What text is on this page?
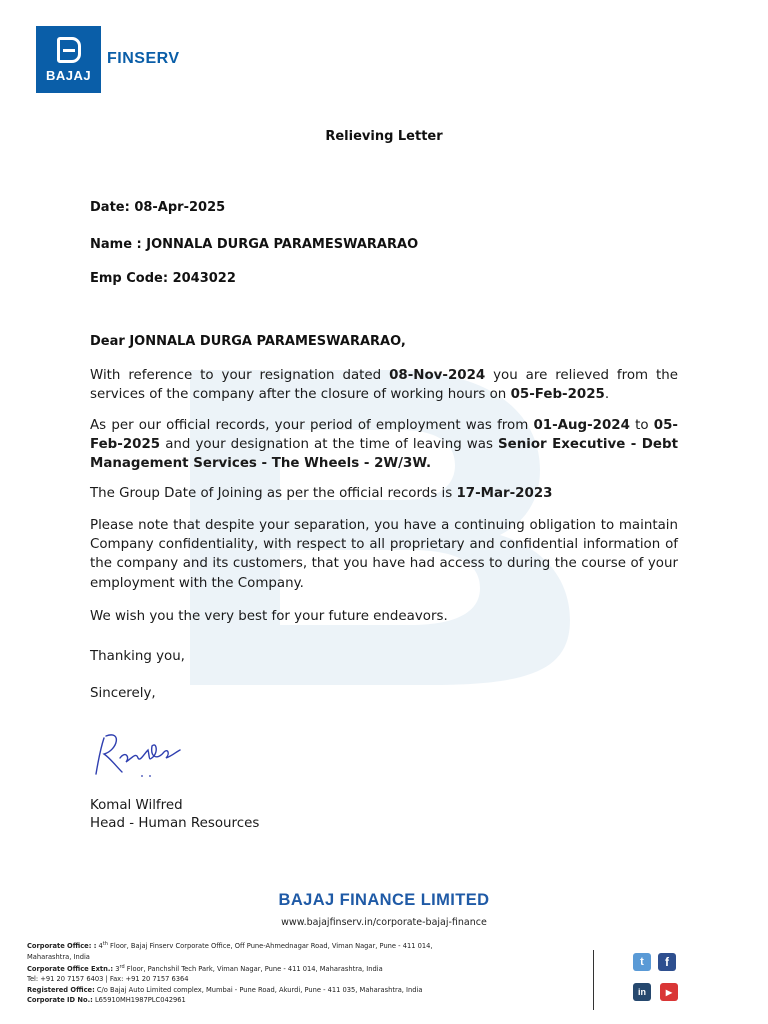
BAJAJ
FINSERV
Relieving Letter
Date: 08-Apr-2025
Name : JONNALA DURGA PARAMESWARARAO
Emp Code: 2043022
Dear JONNALA DURGA PARAMESWARARAO,

With reference to your resignation dated 08-Nov-2024 you are relieved from the services of the company after the closure of working hours on 05-Feb-2025.

As per our official records, your period of employment was from 01-Aug-2024 to 05-Feb-2025 and your designation at the time of leaving was Senior Executive - Debt Management Services - The Wheels - 2W/3W.

The Group Date of Joining as per the official records is 17-Mar-2023

Please note that despite your separation, you have a continuing obligation to maintain Company confidentiality, with respect to all proprietary and confidential information of the company and its customers, that you have had access to during the course of your employment with the Company.

We wish you the very best for your future endeavors.

Thanking you,
Sincerely,
Komal Wilfred
Head - Human Resources
BAJAJ FINANCE LIMITED
www.bajajfinserv.in/corporate-bajaj-finance
Corporate Office: : 4th Floor, Bajaj Finserv Corporate Office, Off Pune-Ahmednagar Road, Viman Nagar, Pune - 411 014,
Maharashtra, India
Corporate Office Extn.: 3rd Floor, Panchshil Tech Park, Viman Nagar, Pune - 411 014, Maharashtra, India
Tel: +91 20 7157 6403 | Fax: +91 20 7157 6364
Registered Office: C/o Bajaj Auto Limited complex, Mumbai - Pune Road, Akurdi, Pune - 411 035, Maharashtra, India
Corporate ID No.: L65910MH1987PLC042961
t f
in ▶
